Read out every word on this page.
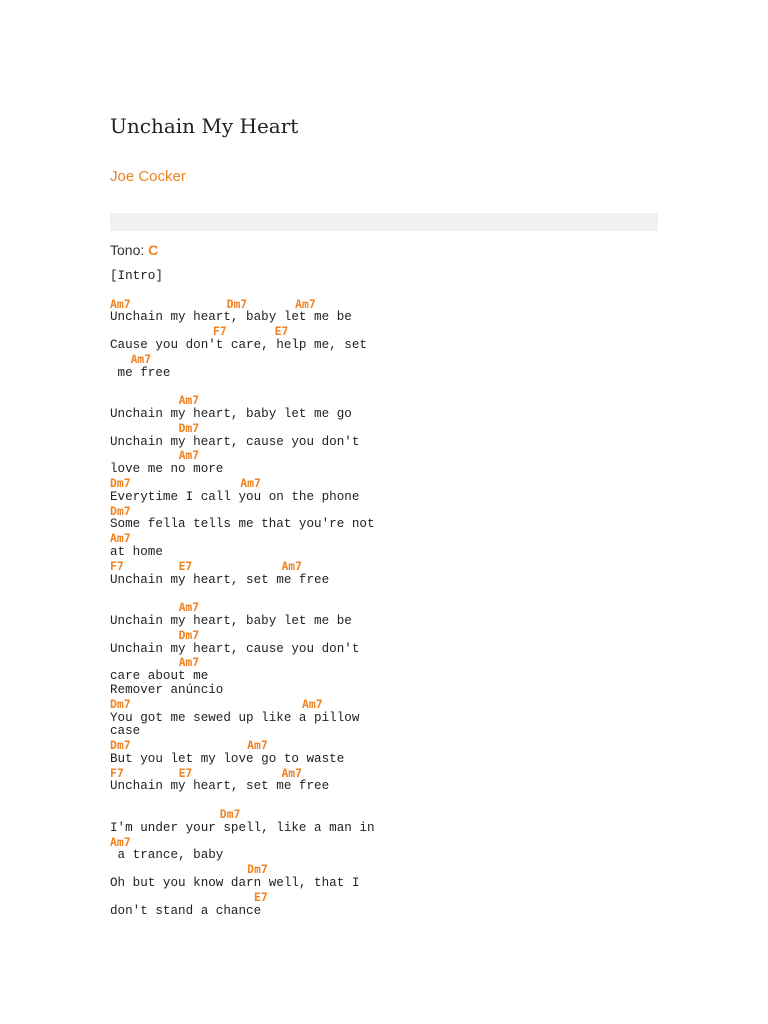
Unchain My Heart
Joe Cocker
Tono: C
[Intro]
Am7              Dm7       Am7
Unchain my heart, baby let me be
F7       E7
Cause you don't care, help me, set
Am7
me free
Am7
Unchain my heart, baby let me go
Dm7
Unchain my heart, cause you don't
Am7
love me no more
Dm7                Am7
Everytime I call you on the phone
Dm7
Some fella tells me that you're not
Am7
at home
F7        E7             Am7
Unchain my heart, set me free
Am7
Unchain my heart, baby let me be
Dm7
Unchain my heart, cause you don't
Am7
care about me
Remover anúncio
Dm7                         Am7
You got me sewed up like a pillow
case
Dm7                 Am7
But you let my love go to waste
F7        E7             Am7
Unchain my heart, set me free
Dm7
I'm under your spell, like a man in
Am7
a trance, baby
Dm7
Oh but you know darn well, that I
E7
don't stand a chance
